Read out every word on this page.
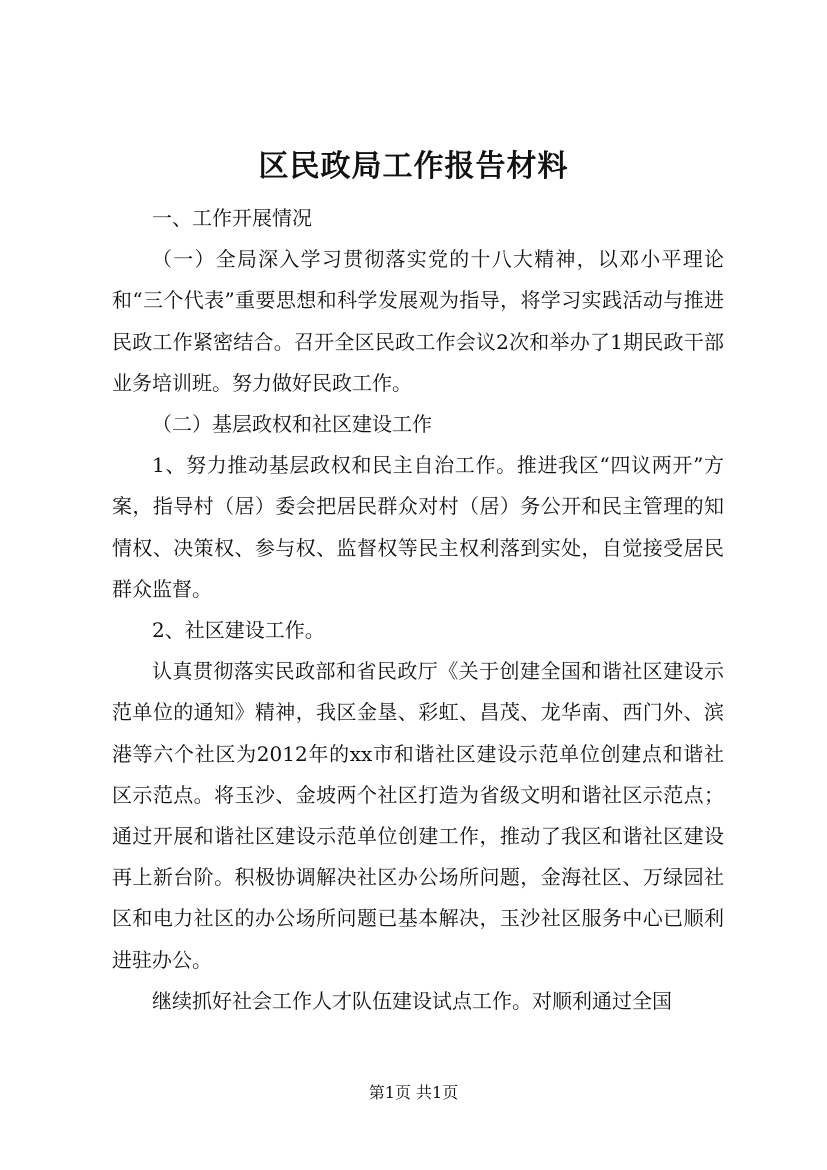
区民政局工作报告材料

一、工作开展情况

（一）全局深入学习贯彻落实党的十八大精神，以邓小平理论和“三个代表”重要思想和科学发展观为指导，将学习实践活动与推进民政工作紧密结合。召开全区民政工作会议2次和举办了1期民政干部业务培训班。努力做好民政工作。

（二）基层政权和社区建设工作

1、努力推动基层政权和民主自治工作。推进我区“四议两开”方案，指导村（居）委会把居民群众对村（居）务公开和民主管理的知情权、决策权、参与权、监督权等民主权利落到实处，自觉接受居民群众监督。

2、社区建设工作。

认真贯彻落实民政部和省民政厅《关于创建全国和谐社区建设示范单位的通知》精神，我区金垦、彩虹、昌茂、龙华南、西门外、滨港等六个社区为2012年的xx市和谐社区建设示范单位创建点和谐社区示范点。将玉沙、金坡两个社区打造为省级文明和谐社区示范点；通过开展和谐社区建设示范单位创建工作，推动了我区和谐社区建设再上新台阶。积极协调解决社区办公场所问题，金海社区、万绿园社区和电力社区的办公场所问题已基本解决，玉沙社区服务中心已顺利进驻办公。

继续抓好社会工作人才队伍建设试点工作。对顺利通过全国

第1页 共1页
